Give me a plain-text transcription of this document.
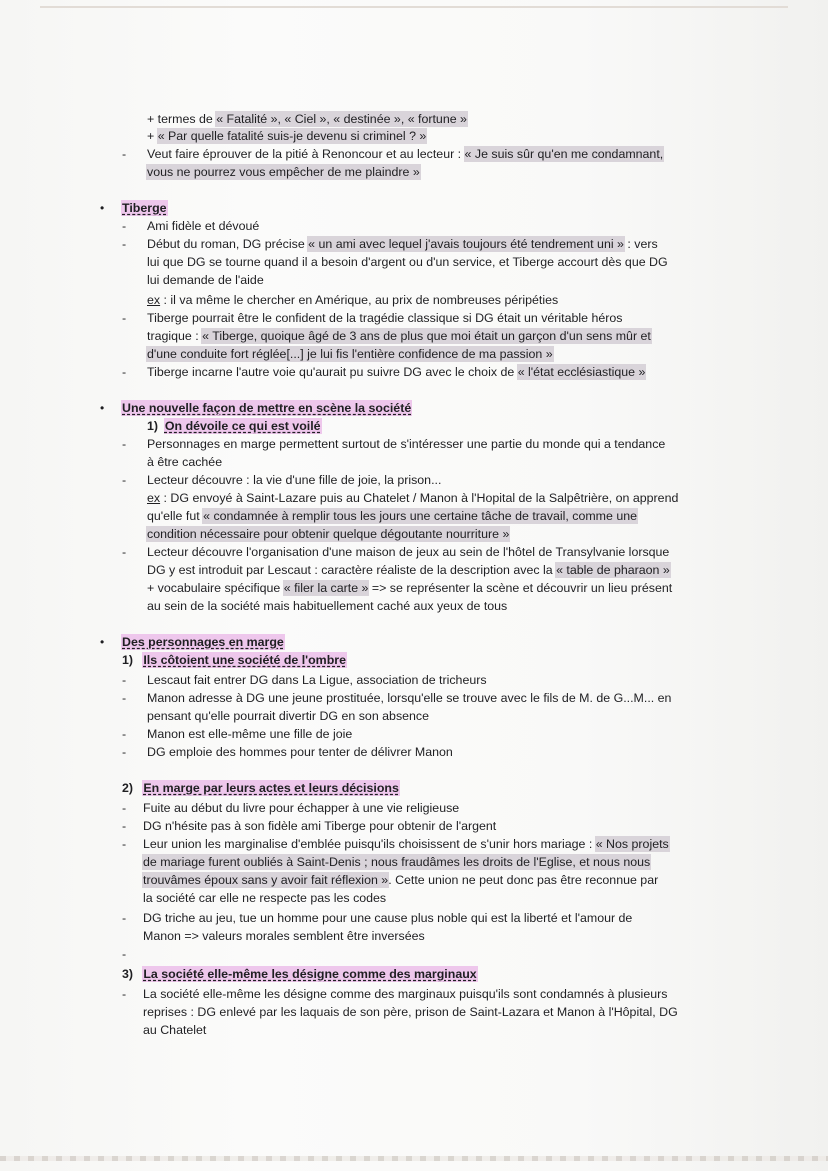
+ termes de « Fatalité », « Ciel », « destinée », « fortune »
+ « Par quelle fatalité suis-je devenu si criminel ? »
- Veut faire éprouver de la pitié à Renoncour et au lecteur : « Je suis sûr qu'en me condamnant,
vous ne pourrez vous empêcher de me plaindre »
• Tiberge
- Ami fidèle et dévoué
- Début du roman, DG précise « un ami avec lequel j'avais toujours été tendrement uni » : vers
lui que DG se tourne quand il a besoin d'argent ou d'un service, et Tiberge accourt dès que DG
lui demande de l'aide
ex : il va même le chercher en Amérique, au prix de nombreuses péripéties
- Tiberge pourrait être le confident de la tragédie classique si DG était un véritable héros
tragique : « Tiberge, quoique âgé de 3 ans de plus que moi était un garçon d'un sens mûr et
d'une conduite fort réglée[...] je lui fis l'entière confidence de ma passion »
- Tiberge incarne l'autre voie qu'aurait pu suivre DG avec le choix de « l'état ecclésiastique »
• Une nouvelle façon de mettre en scène la société
1) On dévoile ce qui est voilé
- Personnages en marge permettent surtout de s'intéresser une partie du monde qui a tendance
à être cachée
- Lecteur découvre : la vie d'une fille de joie, la prison...
ex : DG envoyé à Saint-Lazare puis au Chatelet / Manon à l'Hopital de la Salpêtrière, on apprend
qu'elle fut « condamnée à remplir tous les jours une certaine tâche de travail, comme une
condition nécessaire pour obtenir quelque dégoutante nourriture »
- Lecteur découvre l'organisation d'une maison de jeux au sein de l'hôtel de Transylvanie lorsque
DG y est introduit par Lescaut : caractère réaliste de la description avec la « table de pharaon »
+ vocabulaire spécifique « filer la carte » => se représenter la scène et découvrir un lieu présent
au sein de la société mais habituellement caché aux yeux de tous
• Des personnages en marge
1) Ils côtoient une société de l'ombre
- Lescaut fait entrer DG dans La Ligue, association de tricheurs
- Manon adresse à DG une jeune prostituée, lorsqu'elle se trouve avec le fils de M. de G...M... en
pensant qu'elle pourrait divertir DG en son absence
- Manon est elle-même une fille de joie
- DG emploie des hommes pour tenter de délivrer Manon
2) En marge par leurs actes et leurs décisions
- Fuite au début du livre pour échapper à une vie religieuse
- DG n'hésite pas à son fidèle ami Tiberge pour obtenir de l'argent
- Leur union les marginalise d'emblée puisqu'ils choisissent de s'unir hors mariage : « Nos projets
de mariage furent oubliés à Saint-Denis ; nous fraudâmes les droits de l'Eglise, et nous nous
trouvâmes époux sans y avoir fait réflexion ». Cette union ne peut donc pas être reconnue par
la société car elle ne respecte pas les codes
- DG triche au jeu, tue un homme pour une cause plus noble qui est la liberté et l'amour de
Manon => valeurs morales semblent être inversées
-
3) La société elle-même les désigne comme des marginaux
- La société elle-même les désigne comme des marginaux puisqu'ils sont condamnés à plusieurs
reprises : DG enlevé par les laquais de son père, prison de Saint-Lazara et Manon à l'Hôpital, DG
au Chatelet
